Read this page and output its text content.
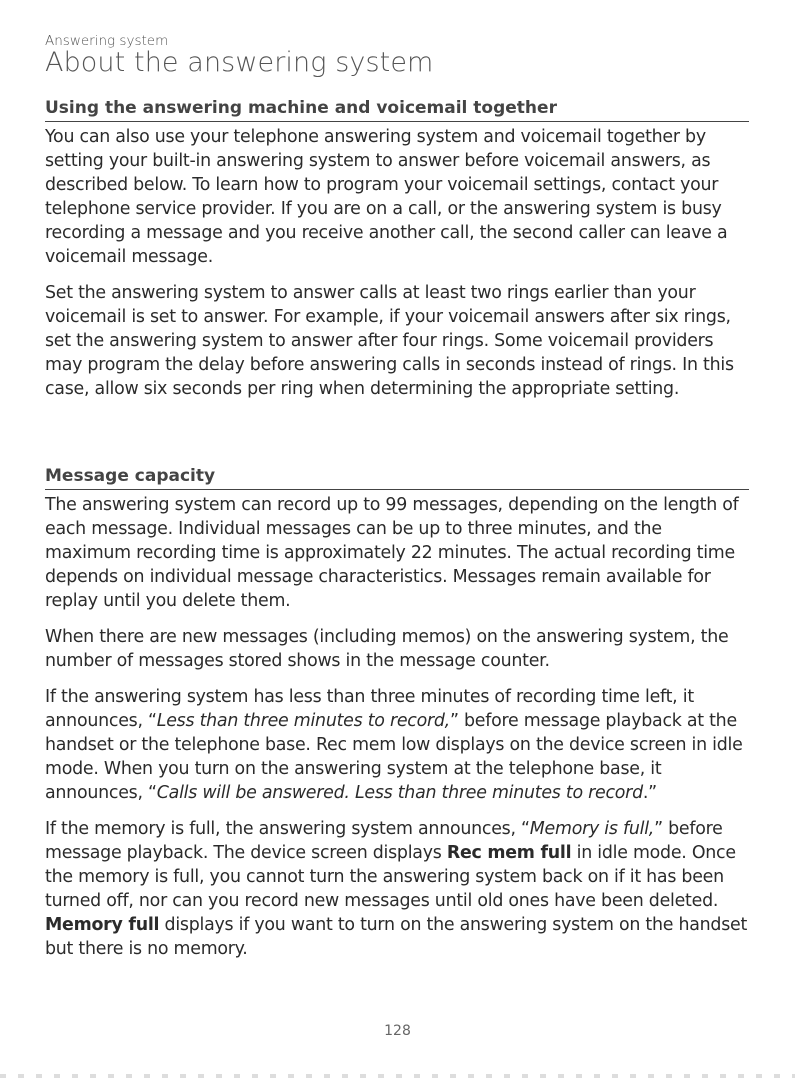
Answering system
About the answering system
Using the answering machine and voicemail together

You can also use your telephone answering system and voicemail together by setting your built-in answering system to answer before voicemail answers, as described below. To learn how to program your voicemail settings, contact your telephone service provider. If you are on a call, or the answering system is busy recording a message and you receive another call, the second caller can leave a voicemail message.

Set the answering system to answer calls at least two rings earlier than your voicemail is set to answer. For example, if your voicemail answers after six rings, set the answering system to answer after four rings. Some voicemail providers may program the delay before answering calls in seconds instead of rings. In this case, allow six seconds per ring when determining the appropriate setting.

Message capacity

The answering system can record up to 99 messages, depending on the length of each message. Individual messages can be up to three minutes, and the maximum recording time is approximately 22 minutes. The actual recording time depends on individual message characteristics. Messages remain available for replay until you delete them.

When there are new messages (including memos) on the answering system, the number of messages stored shows in the message counter.

If the answering system has less than three minutes of recording time left, it announces, “Less than three minutes to record,” before message playback at the handset or the telephone base. Rec mem low displays on the device screen in idle mode. When you turn on the answering system at the telephone base, it announces, “Calls will be answered. Less than three minutes to record.”

If the memory is full, the answering system announces, “Memory is full,” before message playback. The device screen displays Rec mem full in idle mode. Once the memory is full, you cannot turn the answering system back on if it has been turned off, nor can you record new messages until old ones have been deleted. Memory full displays if you want to turn on the answering system on the handset but there is no memory.

128
